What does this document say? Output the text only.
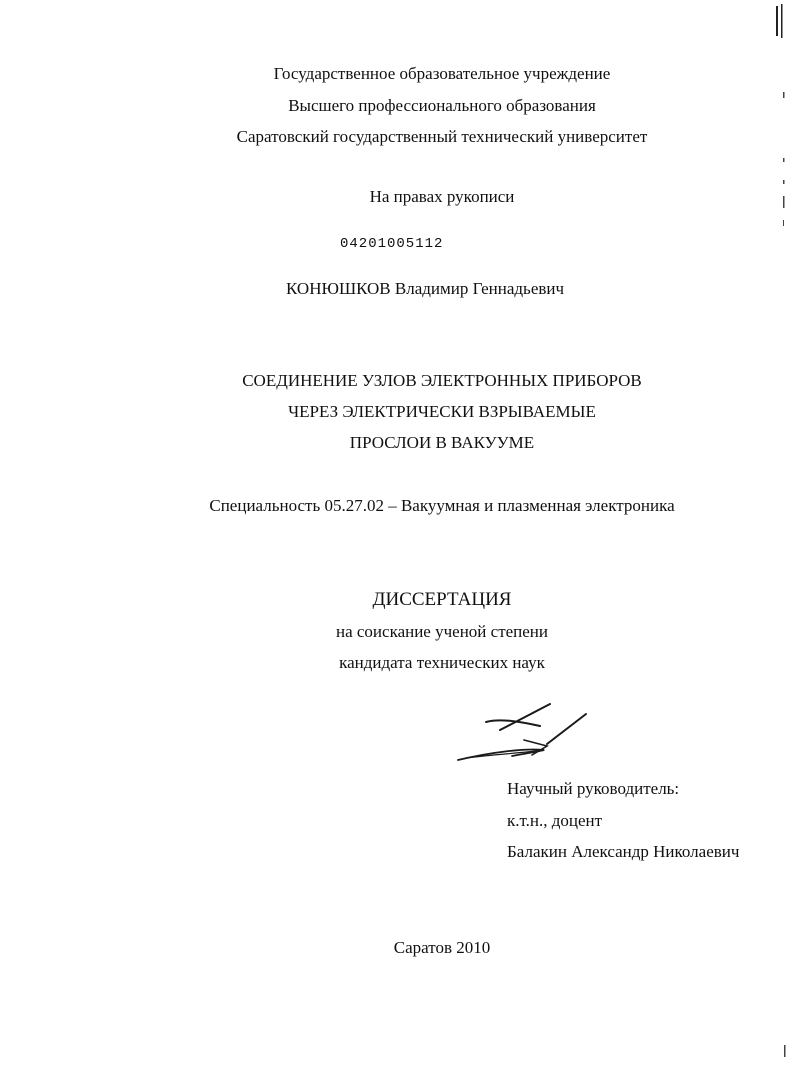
Государственное образовательное учреждение
Высшего профессионального образования
Саратовский государственный технический университет
На правах рукописи
04201005112
КОНЮШКОВ Владимир Геннадьевич
СОЕДИНЕНИЕ УЗЛОВ ЭЛЕКТРОННЫХ ПРИБОРОВ
ЧЕРЕЗ ЭЛЕКТРИЧЕСКИ ВЗРЫВАЕМЫЕ
ПРОСЛОИ В ВАКУУМЕ
Специальность 05.27.02 – Вакуумная и плазменная электроника
ДИССЕРТАЦИЯ
на соискание ученой степени
кандидата технических наук
Научный руководитель:
к.т.н., доцент
Балакин Александр Николаевич
Саратов 2010
